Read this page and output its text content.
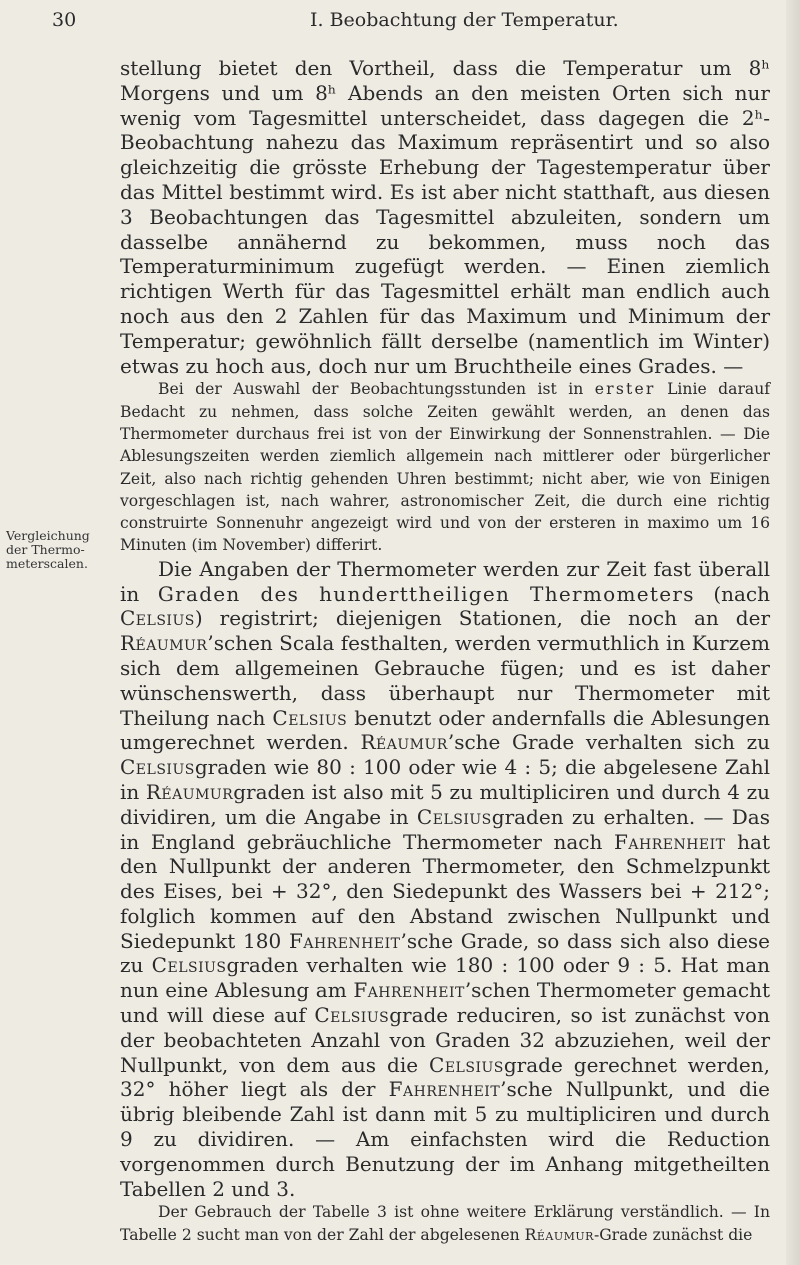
30	I. Beobachtung der Temperatur.
Vergleichung
der Thermo-
meterscalen.

stellung bietet den Vortheil, dass die Temperatur um 8ʰ Morgens und um 8ʰ Abends an den meisten Orten sich nur wenig vom Tagesmittel unterscheidet, dass dagegen die 2ʰ-Beobachtung nahezu das Maximum repräsentirt und so also gleichzeitig die grösste Erhebung der Tagestemperatur über das Mittel bestimmt wird. Es ist aber nicht statthaft, aus diesen 3 Beobachtungen das Tagesmittel abzuleiten, sondern um dasselbe annähernd zu bekommen, muss noch das Temperaturminimum zugefügt werden. — Einen ziemlich richtigen Werth für das Tagesmittel erhält man endlich auch noch aus den 2 Zahlen für das Maximum und Minimum der Temperatur; gewöhnlich fällt derselbe (namentlich im Winter) etwas zu hoch aus, doch nur um Bruchtheile eines Grades. —

Bei der Auswahl der Beobachtungsstunden ist in erster Linie darauf Bedacht zu nehmen, dass solche Zeiten gewählt werden, an denen das Thermometer durchaus frei ist von der Einwirkung der Sonnenstrahlen. — Die Ablesungszeiten werden ziemlich allgemein nach mittlerer oder bürgerlicher Zeit, also nach richtig gehenden Uhren bestimmt; nicht aber, wie von Einigen vorgeschlagen ist, nach wahrer, astronomischer Zeit, die durch eine richtig construirte Sonnenuhr angezeigt wird und von der ersteren in maximo um 16 Minuten (im November) differirt.

Die Angaben der Thermometer werden zur Zeit fast überall in Graden des hunderttheiligen Thermometers (nach Celsius) registrirt; diejenigen Stationen, die noch an der Réaumur’schen Scala festhalten, werden vermuthlich in Kurzem sich dem allgemeinen Gebrauche fügen; und es ist daher wünschenswerth, dass überhaupt nur Thermometer mit Theilung nach Celsius benutzt oder andernfalls die Ablesungen umgerechnet werden. Réaumur’sche Grade verhalten sich zu Celsiusgraden wie 80 : 100 oder wie 4 : 5; die abgelesene Zahl in Réaumurgraden ist also mit 5 zu multipliciren und durch 4 zu dividiren, um die Angabe in Celsiusgraden zu erhalten. — Das in England gebräuchliche Thermometer nach Fahrenheit hat den Nullpunkt der anderen Thermometer, den Schmelzpunkt des Eises, bei + 32°, den Siedepunkt des Wassers bei + 212°; folglich kommen auf den Abstand zwischen Nullpunkt und Siedepunkt 180 Fahrenheit’sche Grade, so dass sich also diese zu Celsiusgraden verhalten wie 180 : 100 oder 9 : 5. Hat man nun eine Ablesung am Fahrenheit’schen Thermometer gemacht und will diese auf Celsiusgrade reduciren, so ist zunächst von der beobachteten Anzahl von Graden 32 abzuziehen, weil der Nullpunkt, von dem aus die Celsiusgrade gerechnet werden, 32° höher liegt als der Fahrenheit’sche Nullpunkt, und die übrig bleibende Zahl ist dann mit 5 zu multipliciren und durch 9 zu dividiren. — Am einfachsten wird die Reduction vorgenommen durch Benutzung der im Anhang mitgetheilten Tabellen 2 und 3.

Der Gebrauch der Tabelle 3 ist ohne weitere Erklärung verständlich. — In Tabelle 2 sucht man von der Zahl der abgelesenen Réaumur-Grade zunächst die
